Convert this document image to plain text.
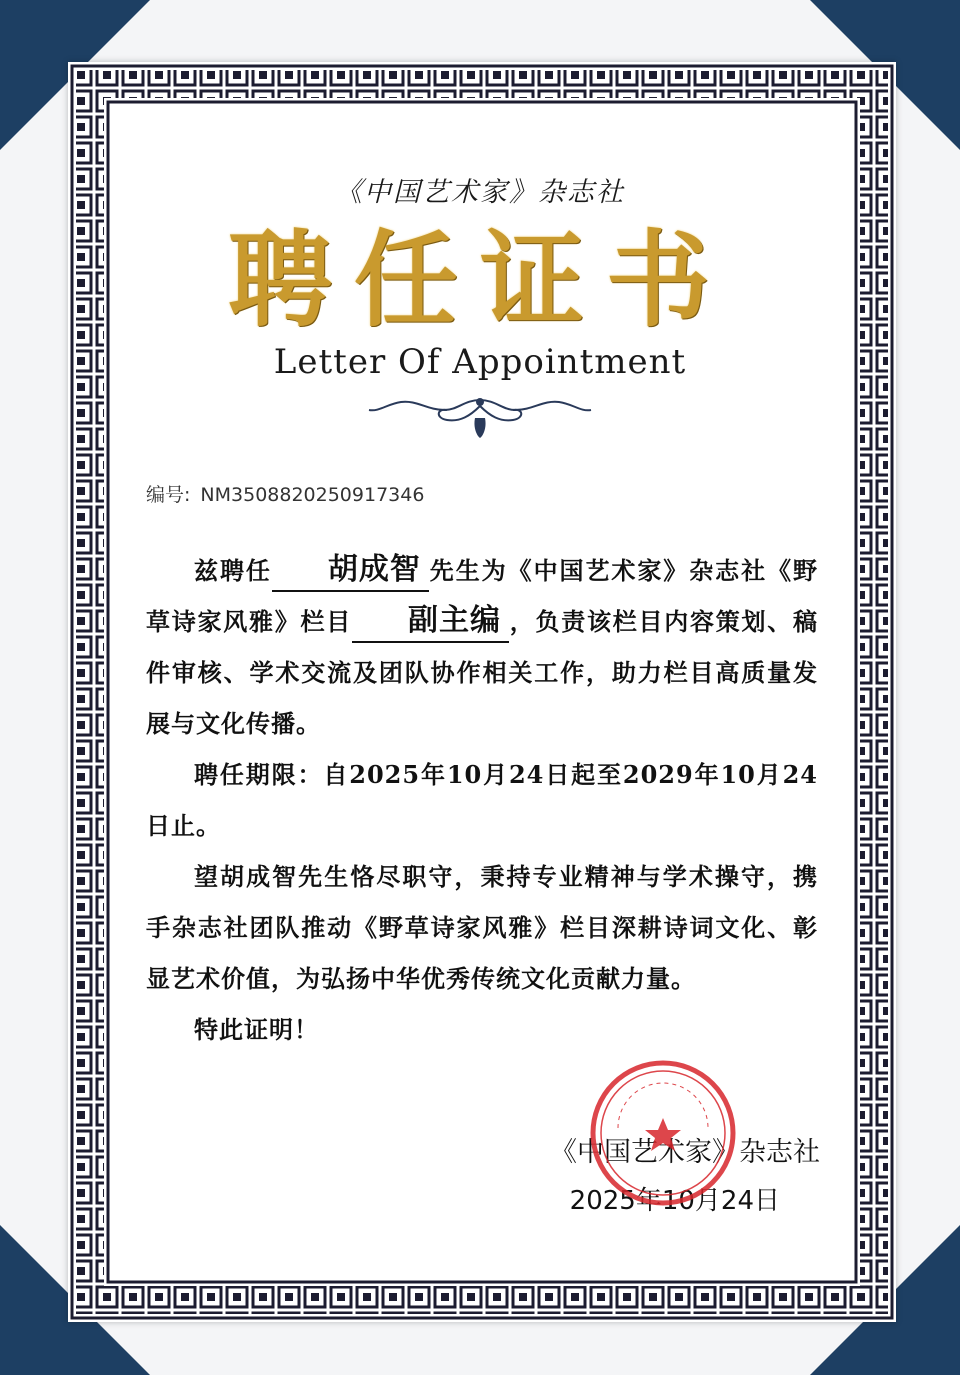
《中国艺术家》杂志社
聘任证书
Letter Of Appointment
编号: NM3508820250917346

兹聘任 胡成智 先生为《中国艺术家》杂志社《野草诗家风雅》栏目 副主编 ，负责该栏目内容策划、稿件审核、学术交流及团队协作相关工作，助力栏目高质量发展与文化传播。

聘任期限：自2025年10月24日起至2029年10月24日止。

望胡成智先生恪尽职守，秉持专业精神与学术操守，携手杂志社团队推动《野草诗家风雅》栏目深耕诗词文化、彰显艺术价值，为弘扬中华优秀传统文化贡献力量。

特此证明！

《中国艺术家》杂志社
2025年10月24日
